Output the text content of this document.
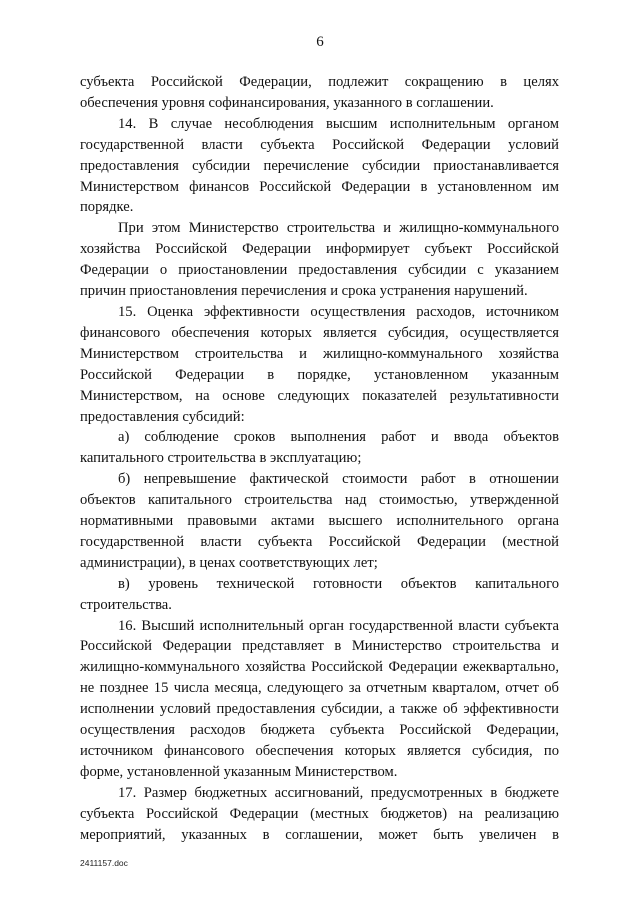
6

субъекта Российской Федерации, подлежит сокращению в целях обеспечения уровня софинансирования, указанного в соглашении.

14. В случае несоблюдения высшим исполнительным органом государственной власти субъекта Российской Федерации условий предоставления субсидии перечисление субсидии приостанавливается Министерством финансов Российской Федерации в установленном им порядке.

При этом Министерство строительства и жилищно-коммунального хозяйства Российской Федерации информирует субъект Российской Федерации о приостановлении предоставления субсидии с указанием причин приостановления перечисления и срока устранения нарушений.

15. Оценка эффективности осуществления расходов, источником финансового обеспечения которых является субсидия, осуществляется Министерством строительства и жилищно-коммунального хозяйства Российской Федерации в порядке, установленном указанным Министерством, на основе следующих показателей результативности предоставления субсидий:

а) соблюдение сроков выполнения работ и ввода объектов капитального строительства в эксплуатацию;

б) непревышение фактической стоимости работ в отношении объектов капитального строительства над стоимостью, утвержденной нормативными правовыми актами высшего исполнительного органа государственной власти субъекта Российской Федерации (местной администрации), в ценах соответствующих лет;

в) уровень технической готовности объектов капитального строительства.

16. Высший исполнительный орган государственной власти субъекта Российской Федерации представляет в Министерство строительства и жилищно-коммунального хозяйства Российской Федерации ежеквартально, не позднее 15 числа месяца, следующего за отчетным кварталом, отчет об исполнении условий предоставления субсидии, а также об эффективности осуществления расходов бюджета субъекта Российской Федерации, источником финансового обеспечения которых является субсидия, по форме, установленной указанным Министерством.

17. Размер бюджетных ассигнований, предусмотренных в бюджете субъекта Российской Федерации (местных бюджетов) на реализацию мероприятий, указанных в соглашении, может быть увеличен в

2411157.doc
